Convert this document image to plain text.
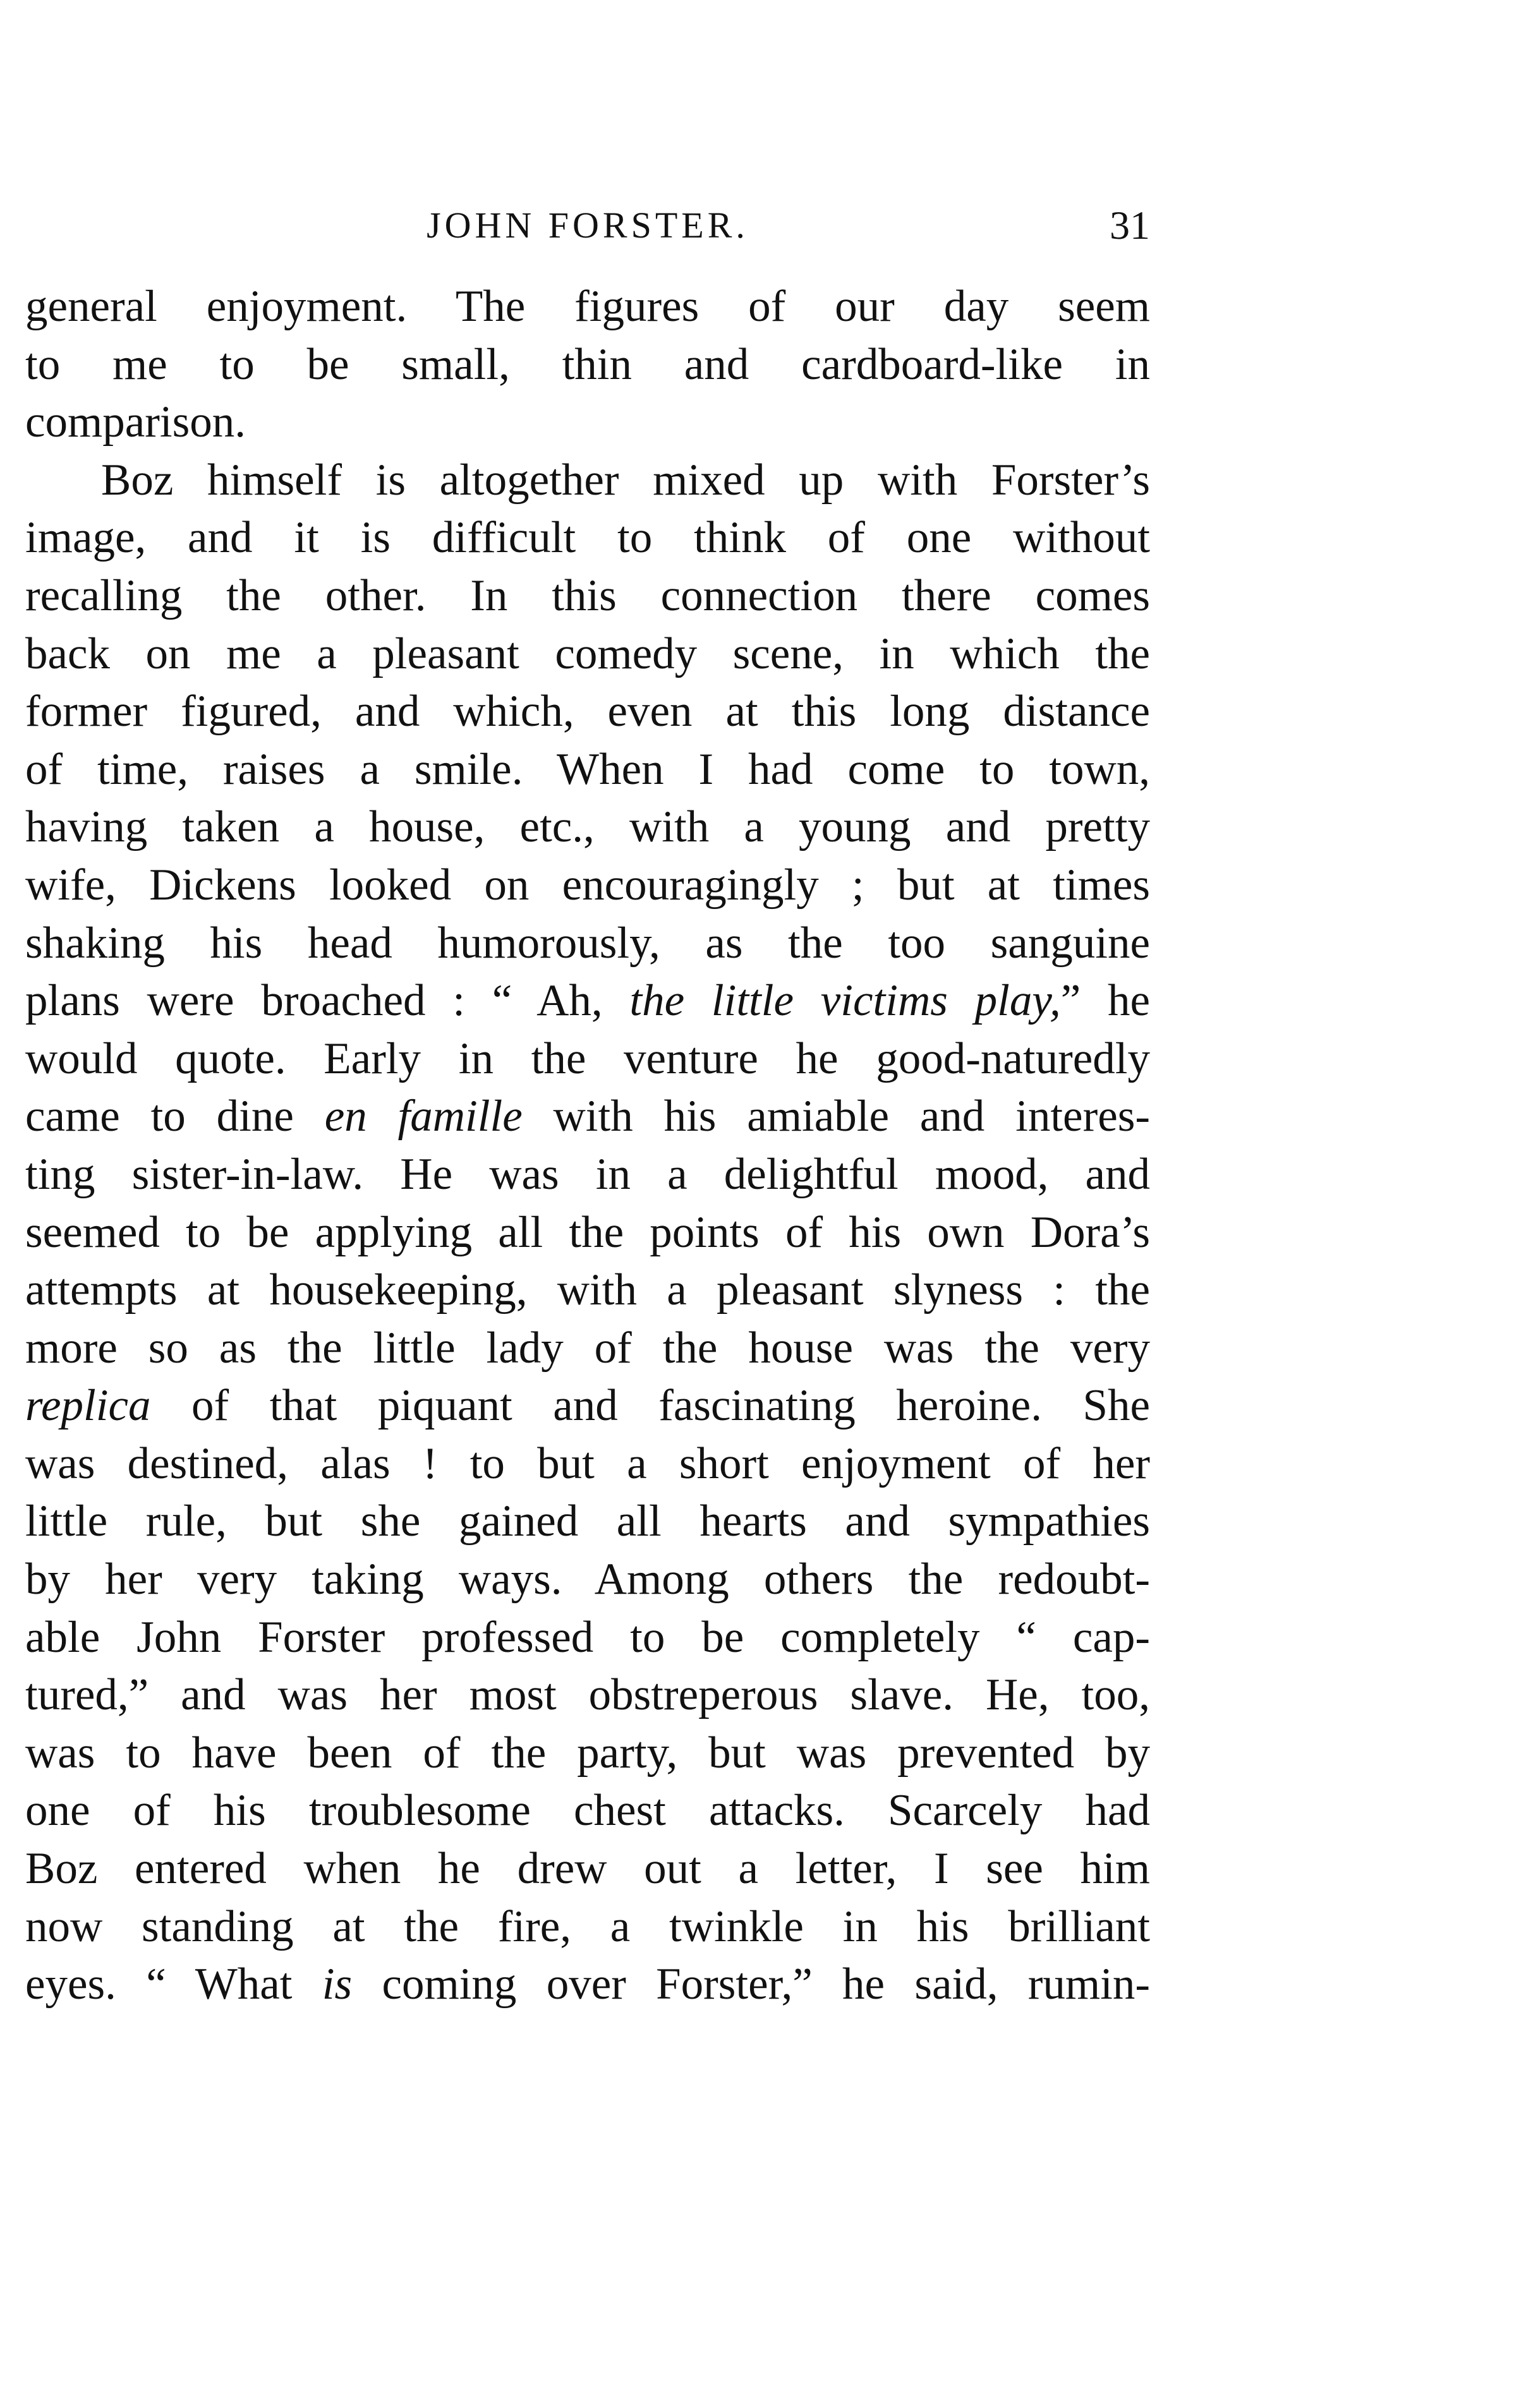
JOHN FORSTER.	31
general enjoyment. The figures of our day seem
to me to be small, thin and cardboard-like in
comparison.
Boz himself is altogether mixed up with Forster’s
image, and it is difficult to think of one without
recalling the other. In this connection there comes
back on me a pleasant comedy scene, in which the
former figured, and which, even at this long distance
of time, raises a smile. When I had come to town,
having taken a house, etc., with a young and pretty
wife, Dickens looked on encouragingly ; but at times
shaking his head humorously, as the too sanguine
plans were broached : “ Ah, the little victims play,” he
would quote. Early in the venture he good-naturedly
came to dine en famille with his amiable and interes-
ting sister-in-law. He was in a delightful mood, and
seemed to be applying all the points of his own Dora’s
attempts at housekeeping, with a pleasant slyness : the
more so as the little lady of the house was the very
replica of that piquant and fascinating heroine. She
was destined, alas ! to but a short enjoyment of her
little rule, but she gained all hearts and sympathies
by her very taking ways. Among others the redoubt-
able John Forster professed to be completely “ cap-
tured,” and was her most obstreperous slave. He, too,
was to have been of the party, but was prevented by
one of his troublesome chest attacks. Scarcely had
Boz entered when he drew out a letter, I see him
now standing at the fire, a twinkle in his brilliant
eyes. “ What is coming over Forster,” he said, rumin-
